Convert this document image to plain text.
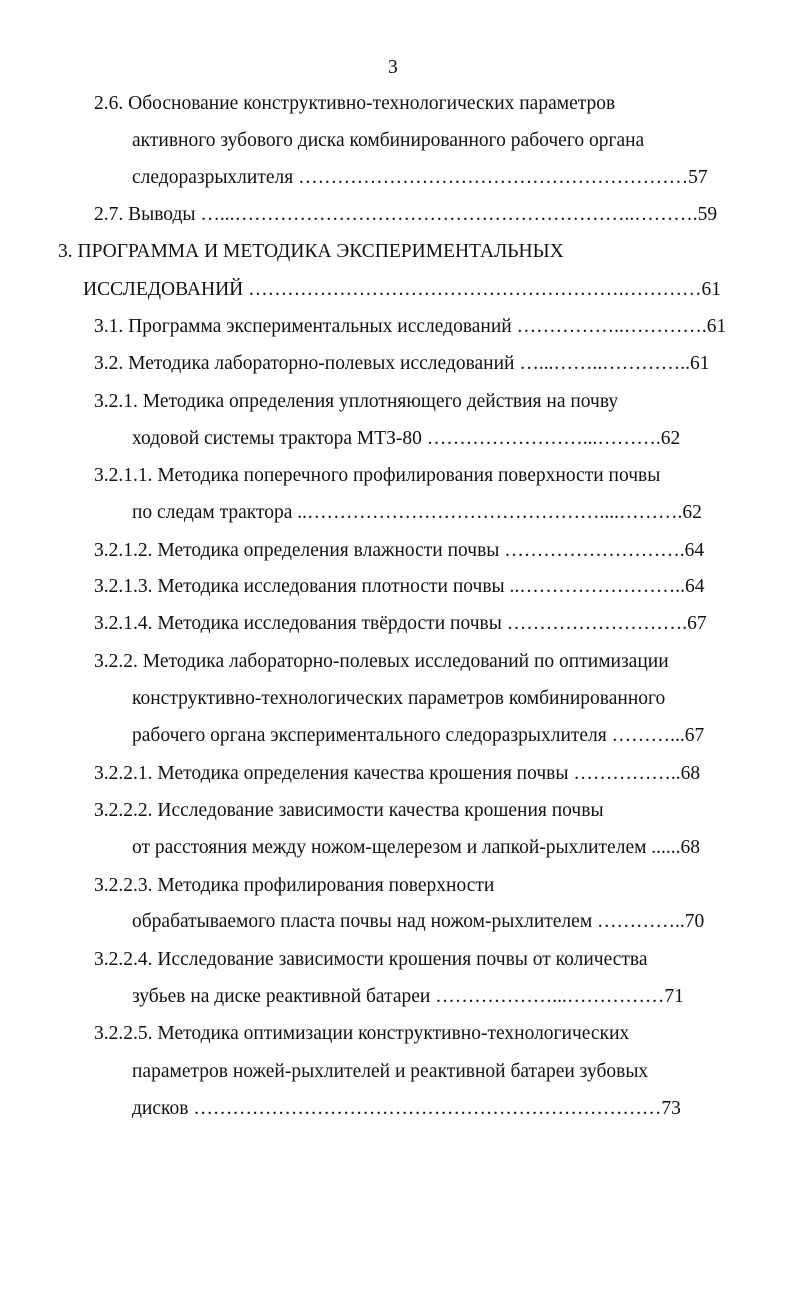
3
2.6. Обоснование конструктивно-технологических параметров
активного зубового диска комбинированного рабочего органа
следоразрыхлителя ……………………………………………………57
2.7. Выводы …...……………………………………………………..……….59
3. ПРОГРАММА И МЕТОДИКА ЭКСПЕРИМЕНТАЛЬНЫХ
ИССЛЕДОВАНИЙ ………………………………………………….…………61
3.1. Программа экспериментальных исследований ……………..………….61
3.2. Методика лабораторно-полевых исследований …...……..…………..61
3.2.1. Методика определения уплотняющего действия на почву
ходовой системы трактора МТЗ-80 ……………………...……….62
3.2.1.1. Методика поперечного профилирования поверхности почвы
по следам трактора ..………………………………………....……….62
3.2.1.2. Методика определения влажности почвы ……………………….64
3.2.1.3. Методика исследования плотности почвы ..……………………..64
3.2.1.4. Методика исследования твёрдости почвы ……………………….67
3.2.2. Методика лабораторно-полевых исследований по оптимизации
конструктивно-технологических параметров комбинированного
рабочего органа экспериментального следоразрыхлителя ………...67
3.2.2.1. Методика определения качества крошения почвы ……………..68
3.2.2.2. Исследование зависимости качества крошения почвы
от расстояния между ножом-щелерезом и лапкой-рыхлителем ......68
3.2.2.3. Методика профилирования поверхности
обрабатываемого пласта почвы над ножом-рыхлителем …………..70
3.2.2.4. Исследование зависимости крошения почвы от количества
зубьев на диске реактивной батареи ………………...……………71
3.2.2.5. Методика оптимизации конструктивно-технологических
параметров ножей-рыхлителей и реактивной батареи зубовых
дисков ………………………………………………………………73
